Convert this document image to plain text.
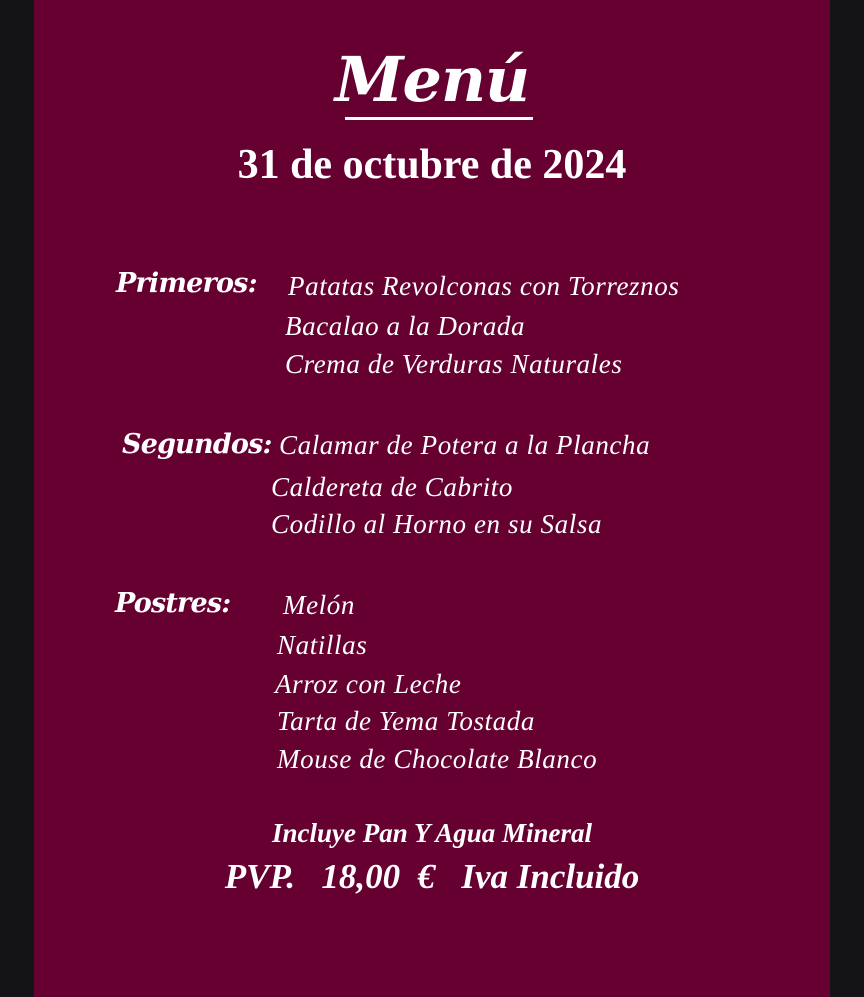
Menú
31 de octubre de 2024
Primeros: Patatas Revolconas con Torreznos
Bacalao a la Dorada
Crema de Verduras Naturales
Segundos: Calamar de Potera a la Plancha
Caldereta de Cabrito
Codillo al Horno en su Salsa
Postres: Melón
Natillas
Arroz con Leche
Tarta de Yema Tostada
Mouse de Chocolate Blanco
Incluye Pan Y Agua Mineral
PVP.   18,00  €   Iva Incluido
